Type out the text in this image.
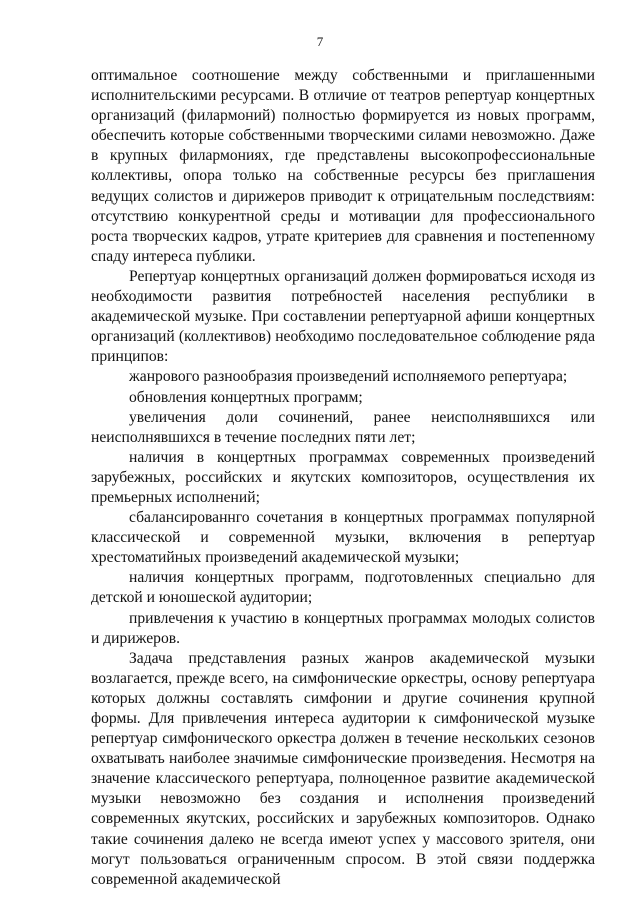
7

оптимальное соотношение между собственными и приглашенными исполнительскими ресурсами. В отличие от театров репертуар концертных организаций (филармоний) полностью формируется из новых программ, обеспечить которые собственными творческими силами невозможно. Даже в крупных филармониях, где представлены высокопрофессиональные коллективы, опора только на собственные ресурсы без приглашения ведущих солистов и дирижеров приводит к отрицательным последствиям: отсутствию конкурентной среды и мотивации для профессионального роста творческих кадров, утрате критериев для сравнения и постепенному спаду интереса публики.

Репертуар концертных организаций должен формироваться исходя из необходимости развития потребностей населения республики в академической музыке. При составлении репертуарной афиши концертных организаций (коллективов) необходимо последовательное соблюдение ряда принципов:

жанрового разнообразия произведений исполняемого репертуара;

обновления концертных программ;

увеличения доли сочинений, ранее неисполнявшихся или неисполнявшихся в течение последних пяти лет;

наличия в концертных программах современных произведений зарубежных, российских и якутских композиторов, осуществления их премьерных исполнений;

сбалансированнго сочетания в концертных программах популярной классической и современной музыки, включения в репертуар хрестоматийных произведений академической музыки;

наличия концертных программ, подготовленных специально для детской и юношеской аудитории;

привлечения к участию в концертных программах молодых солистов и дирижеров.

Задача представления разных жанров академической музыки возлагается, прежде всего, на симфонические оркестры, основу репертуара которых должны составлять симфонии и другие сочинения крупной формы. Для привлечения интереса аудитории к симфонической музыке репертуар симфонического оркестра должен в течение нескольких сезонов охватывать наиболее значимые симфонические произведения. Несмотря на значение классического репертуара, полноценное развитие академической музыки невозможно без создания и исполнения произведений современных якутских, российских и зарубежных композиторов. Однако такие сочинения далеко не всегда имеют успех у массового зрителя, они могут пользоваться ограниченным спросом. В этой связи поддержка современной академической
